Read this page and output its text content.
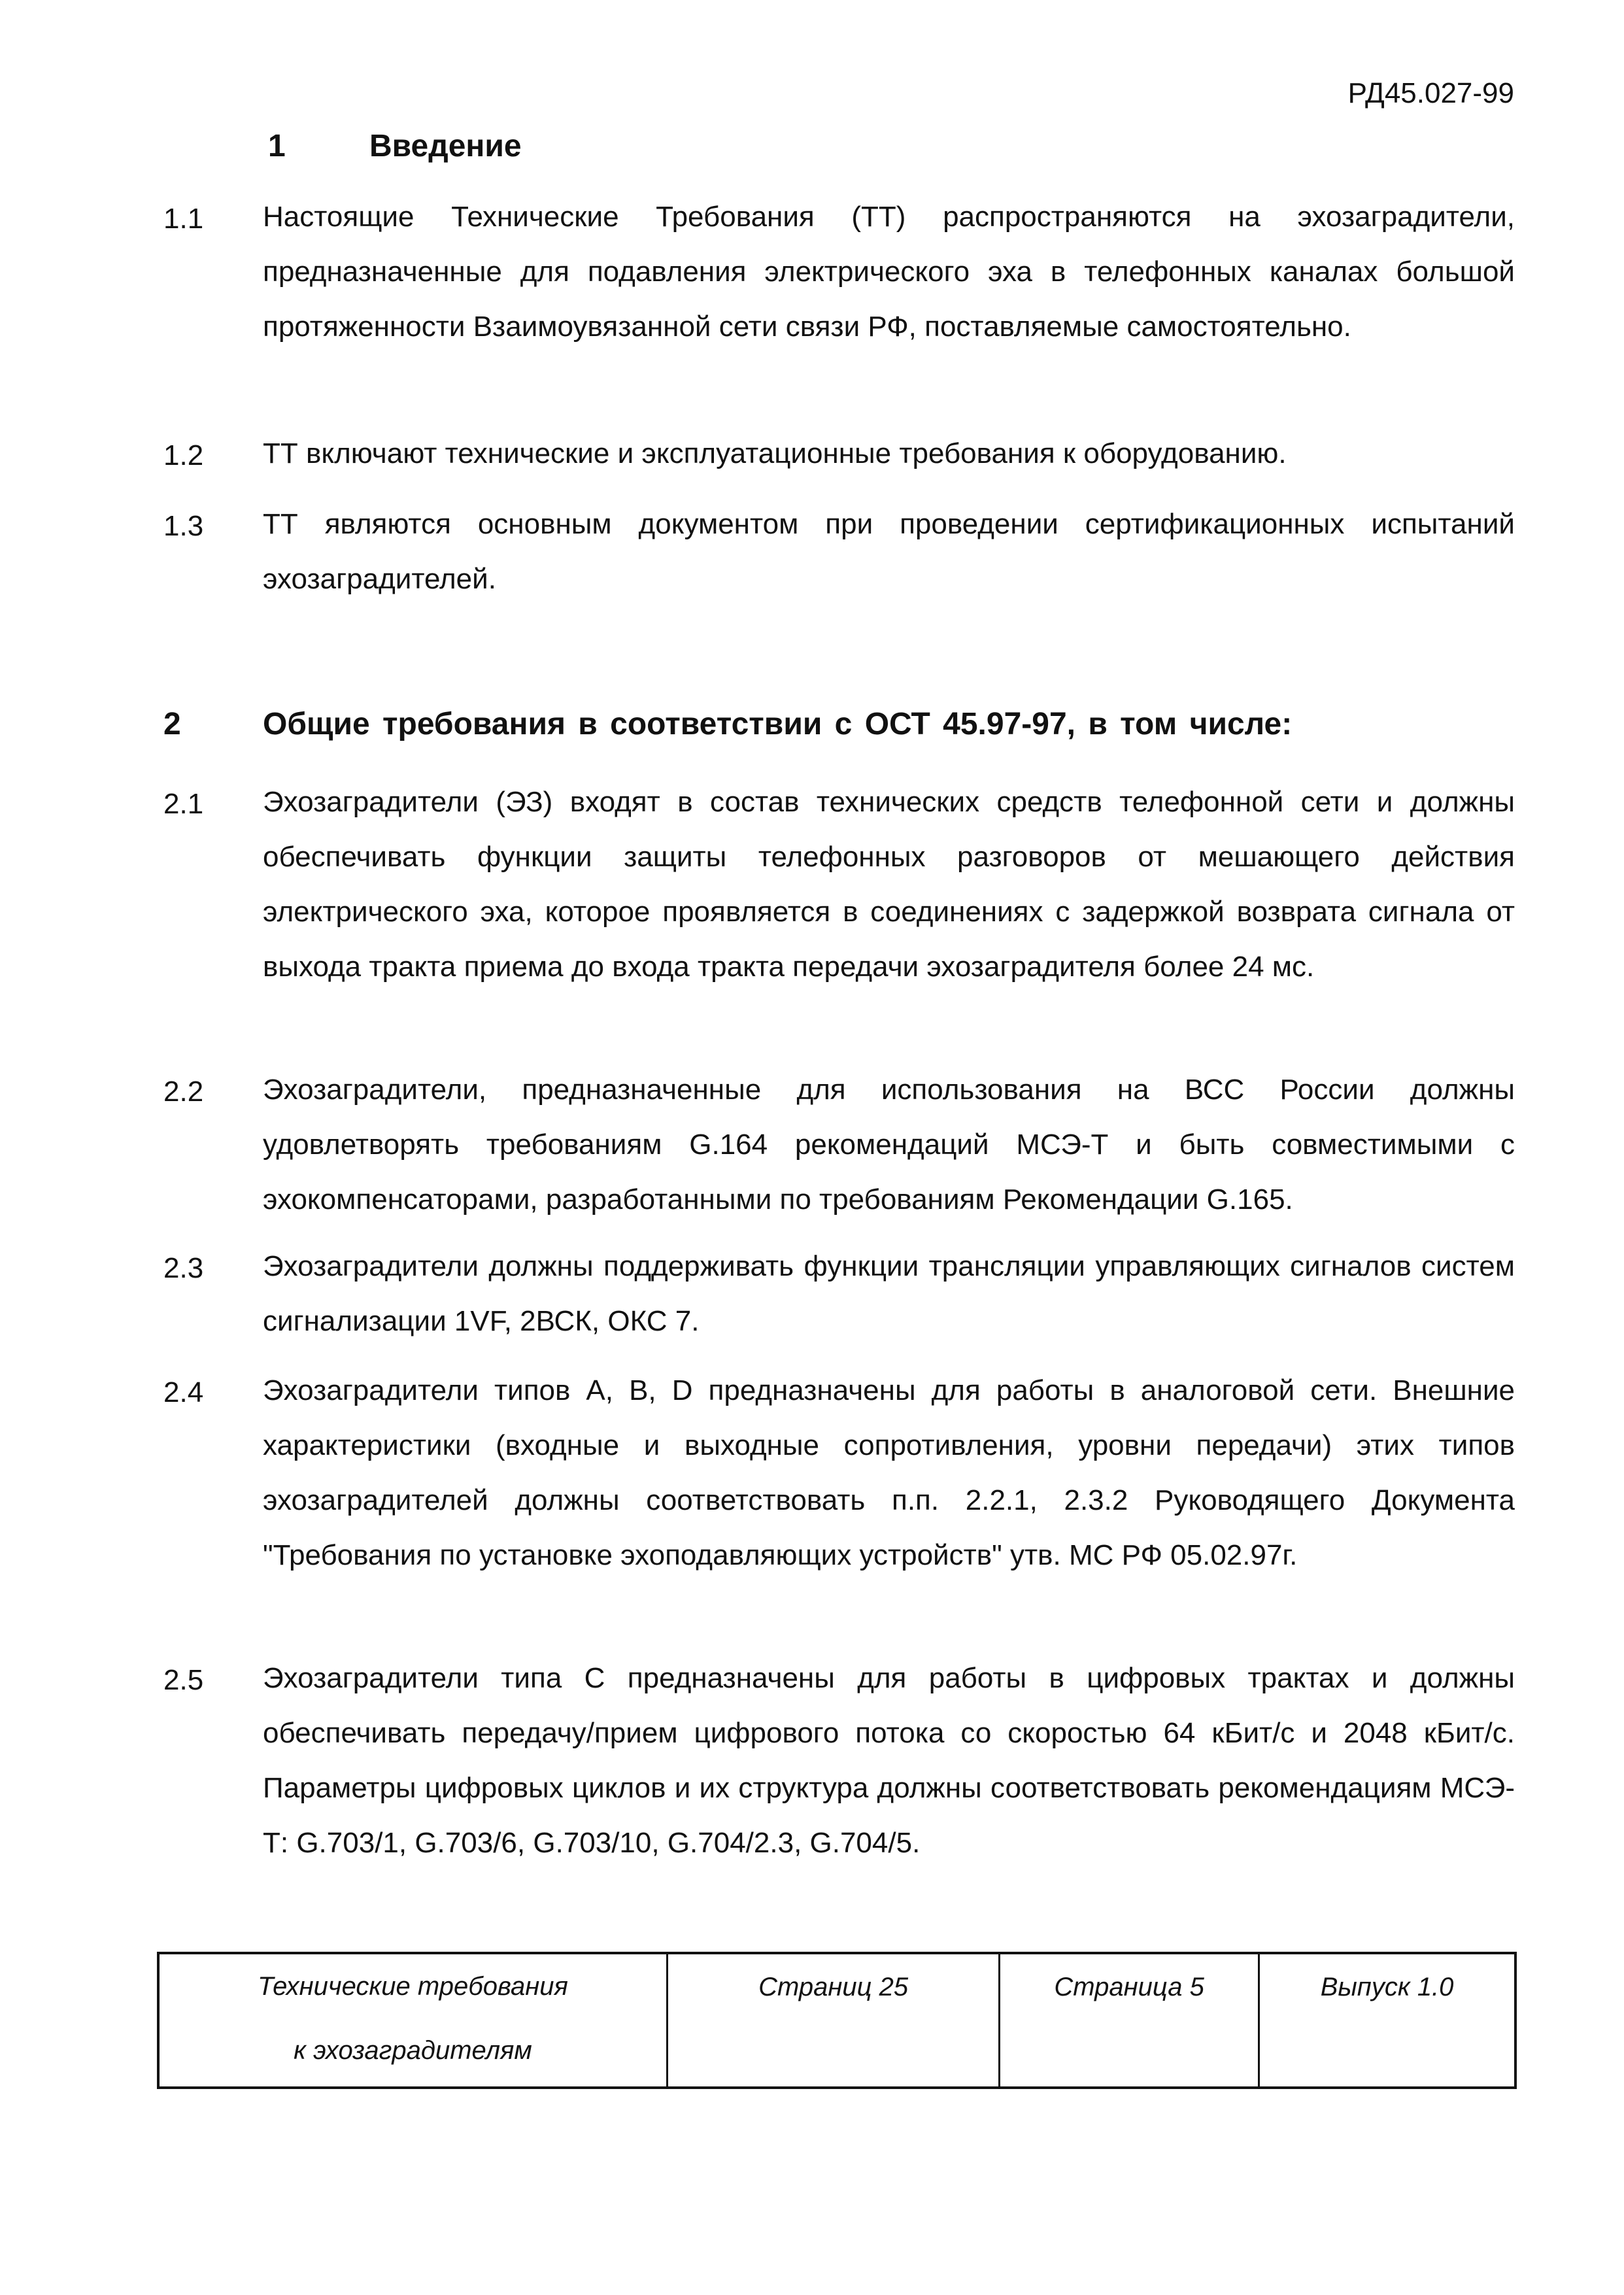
РД45.027-99
1	Введение
1.1 Настоящие Технические Требования (ТТ) распространяются на эхозаградители, предназначенные для подавления электрического эха в телефонных каналах большой протяженности Взаимоувязанной сети связи РФ, поставляемые самостоятельно.
1.2 ТТ включают технические и эксплуатационные требования к оборудованию.
1.3 ТТ являются основным документом при проведении сертификационных испытаний эхозаградителей.
2	Общие требования в соответствии с ОСТ 45.97-97, в том числе:
2.1 Эхозаградители (ЭЗ) входят в состав технических средств телефонной сети и должны обеспечивать функции защиты телефонных разговоров от мешающего действия электрического эха, которое проявляется в соединениях с задержкой возврата сигнала от выхода тракта приема до входа тракта передачи эхозаградителя более 24 мс.
2.2 Эхозаградители, предназначенные для использования на ВСС России должны удовлетворять требованиям G.164 рекомендаций МСЭ-Т и быть совместимыми с эхокомпенсаторами, разработанными по требованиям Рекомендации G.165.
2.3 Эхозаградители должны поддерживать функции трансляции управляющих сигналов систем сигнализации 1VF, 2ВСК, ОКС 7.
2.4 Эхозаградители типов A, B, D предназначены для работы в аналоговой сети. Внешние характеристики (входные и выходные сопротивления, уровни передачи) этих типов эхозаградителей должны соответствовать п.п. 2.2.1, 2.3.2 Руководящего Документа "Требования по установке эхоподавляющих устройств" утв. МС РФ 05.02.97г.
2.5 Эхозаградители типа С предназначены для работы в цифровых трактах и должны обеспечивать передачу/прием цифрового потока со скоростью 64 кБит/с и 2048 кБит/с. Параметры цифровых циклов и их структура должны соответствовать рекомендациям МСЭ-Т: G.703/1, G.703/6, G.703/10, G.704/2.3, G.704/5.
Технические требования
к эхозаградителям
	Страниц 25	Страница 5	Выпуск 1.0
